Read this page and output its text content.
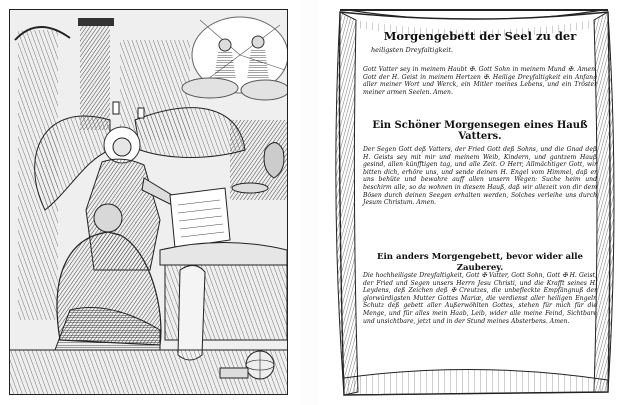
Morgengebett der Seel zu der
heiligsten Dreyfaltigkeit.
Gott Vatter sey in meinem Haubt ✠. Gott Sohn in meinem Mund ✠. Amen. Gott der H. Geist in meinem Hertzen ✠. Heilige Dreyfaltigkeit ein Anfang aller meiner Wort und Werck, ein Mitler meines Lebens, und ein Tröster meiner armen Seelen. Amen.
Ein Schöner Morgensegen eines Hauß Vatters.
Der Segen Gott deß Vatters, der Fried Gott deß Sohns, und die Gnad deß H. Geists sey mit mir und meinem Weib, Kindern, und gantzem Hauß gesind, allen künfftigen tag, und alle Zeit. O Herr, Allmächtiger Gott, wir bitten dich, erhöre uns, und sende deinen H. Engel vom Himmel, daß er uns behüte und bewahre auff allen unsern Wegen: Suche heim und beschirm alle, so da wohnen in diesem Hauß, daß wir allezeit von dir dem Bösen durch deinen Seegen erhalten werden, Solches verleihe uns durch Jesum Christum. Amen.
Ein anders Morgengebett, bevor wider alle Zauberey.
Die hochheiligste Dreyfaltigkeit, Gott ✠ Vatter, Gott Sohn, Gott ✠ H. Geist, der Fried und Segen unsers Herrn Jesu Christi, und die Krafft seines H. Leydens, deß Zeichen deß ✠ Creutzes, die unbefleckte Empfängnuß der glorwürdigsten Mutter Gottes Mariæ, die verdienst aller heiligen Engeln Schutz deß gebett aller Außerwöhlten Gottes, stehen für mich für die Menge, und für alles mein Haab, Leib, wider alle meine Feind, Sichtbare und unsichtbare, jetzt und in der Stund meines Absterbens. Amen.
